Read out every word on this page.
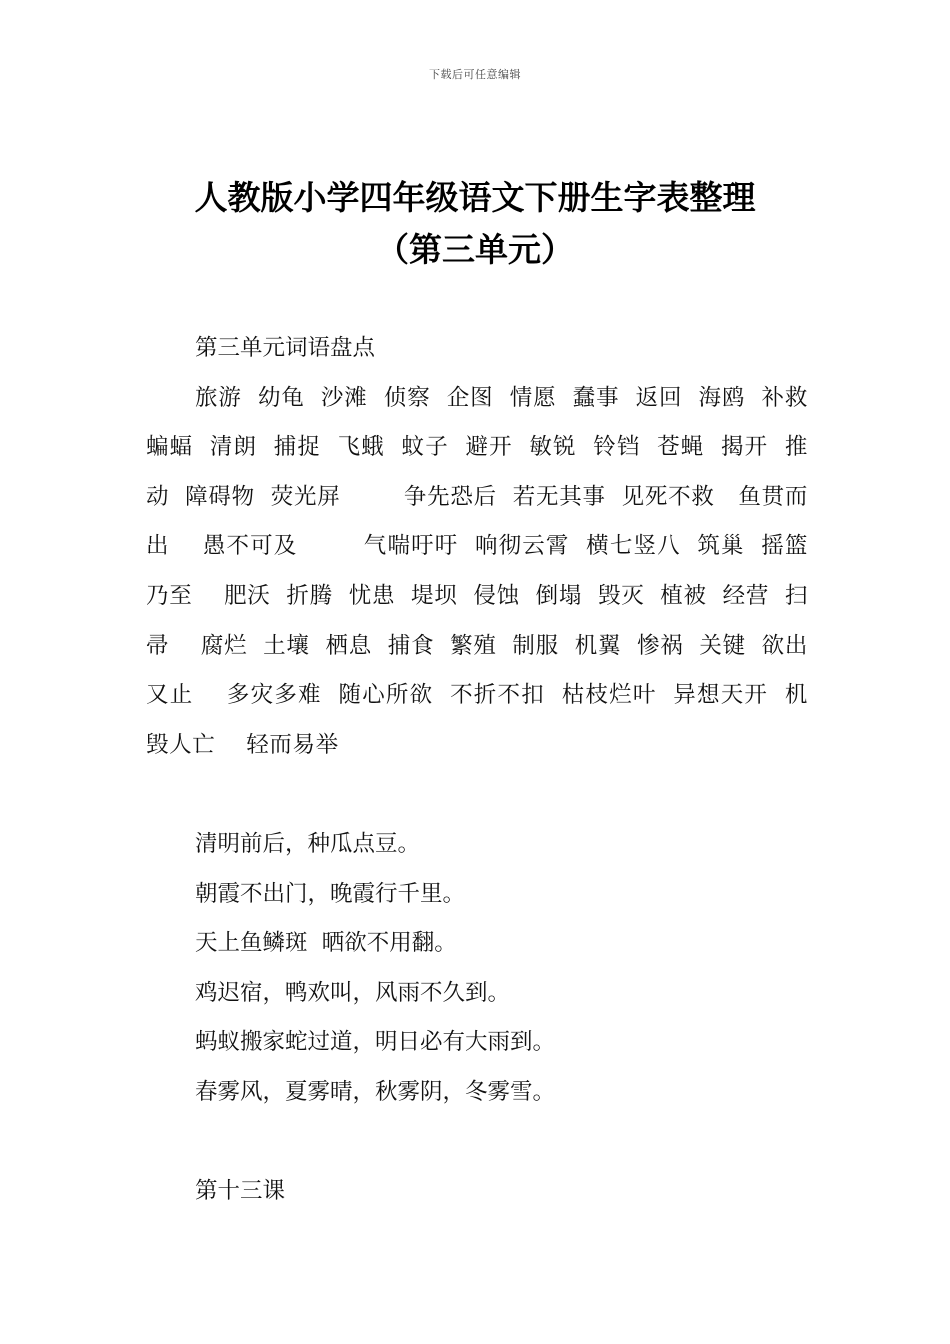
下载后可任意编辑
人教版小学四年级语文下册生字表整理
（第三单元）
第三单元词语盘点
旅游  幼龟  沙滩  侦察  企图  情愿  蠢事  返回  海鸥  补救   蝙蝠  清朗  捕捉  飞蛾  蚊子  避开  敏锐  铃铛  苍蝇  揭开  推动  障碍物  荧光屏        争先恐后  若无其事  见死不救   鱼贯而出    愚不可及        气喘吁吁  响彻云霄  横七竖八  筑巢  摇篮  乃至    肥沃  折腾  忧患  堤坝  侵蚀  倒塌  毁灭  植被  经营  扫帚    腐烂  土壤  栖息  捕食  繁殖  制服  机翼  惨祸  关键  欲出又止    多灾多难  随心所欲  不折不扣  枯枝烂叶  异想天开  机毁人亡    轻而易举
清明前后，种瓜点豆。
朝霞不出门，晚霞行千里。
天上鱼鳞斑  晒欲不用翻。
鸡迟宿，鸭欢叫，风雨不久到。
蚂蚁搬家蛇过道，明日必有大雨到。
春雾风，夏雾晴，秋雾阴，冬雾雪。
第十三课
